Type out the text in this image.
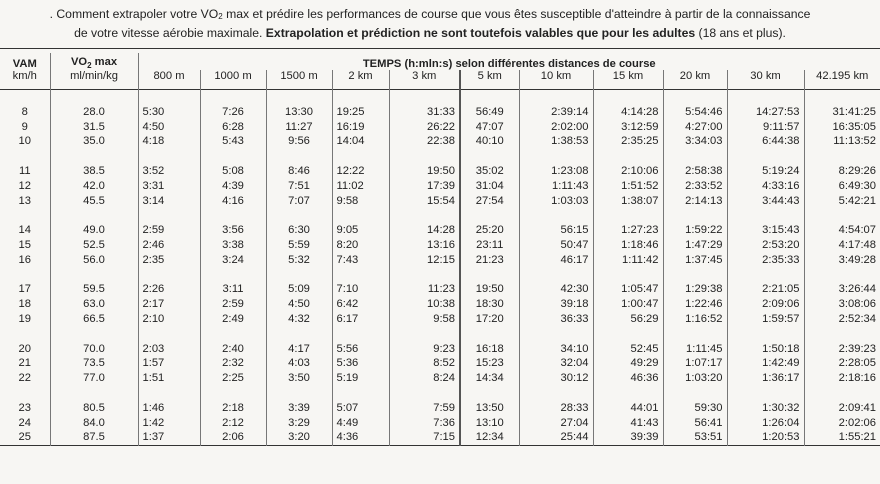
. Comment extrapoler votre $VO_2$ max et prédire les performances de course que vous êtes susceptible d'atteindre à partir de la connaissance
de votre vitesse aérobie maximale. Extrapolation et prédiction ne sont toutefois valables que pour les adultes (18 ans et plus).

VAM	$VO_2$ max	TEMPS (h:mln:s) selon différentes distances de course										
km/h	ml/min/kg	800 m	1000 m	1500 m	2 km	3 km	5 km	10 km	15 km	20 km	30 km	42.195 km

8	28.0	5:30	7:26	13:30	19:25	31:33	56:49	2:39:14	4:14:28	5:54:46	14:27:53	31:41:25
9	31.5	4:50	6:28	11:27	16:19	26:22	47:07	2:02:00	3:12:59	4:27:00	9:11:57	16:35:05
10	35.0	4:18	5:43	9:56	14:04	22:38	40:10	1:38:53	2:35:25	3:34:03	6:44:38	11:13:52

11	38.5	3:52	5:08	8:46	12:22	19:50	35:02	1:23:08	2:10:06	2:58:38	5:19:24	8:29:26
12	42.0	3:31	4:39	7:51	11:02	17:39	31:04	1:11:43	1:51:52	2:33:52	4:33:16	6:49:30
13	45.5	3:14	4:16	7:07	9:58	15:54	27:54	1:03:03	1:38:07	2:14:13	3:44:43	5:42:21

14	49.0	2:59	3:56	6:30	9:05	14:28	25:20	56:15	1:27:23	1:59:22	3:15:43	4:54:07
15	52.5	2:46	3:38	5:59	8:20	13:16	23:11	50:47	1:18:46	1:47:29	2:53:20	4:17:48
16	56.0	2:35	3:24	5:32	7:43	12:15	21:23	46:17	1:11:42	1:37:45	2:35:33	3:49:28

17	59.5	2:26	3:11	5:09	7:10	11:23	19:50	42:30	1:05:47	1:29:38	2:21:05	3:26:44
18	63.0	2:17	2:59	4:50	6:42	10:38	18:30	39:18	1:00:47	1:22:46	2:09:06	3:08:06
19	66.5	2:10	2:49	4:32	6:17	9:58	17:20	36:33	56:29	1:16:52	1:59:57	2:52:34

20	70.0	2:03	2:40	4:17	5:56	9:23	16:18	34:10	52:45	1:11:45	1:50:18	2:39:23
21	73.5	1:57	2:32	4:03	5:36	8:52	15:23	32:04	49:29	1:07:17	1:42:49	2:28:05
22	77.0	1:51	2:25	3:50	5:19	8:24	14:34	30:12	46:36	1:03:20	1:36:17	2:18:16

23	80.5	1:46	2:18	3:39	5:07	7:59	13:50	28:33	44:01	59:30	1:30:32	2:09:41
24	84.0	1:42	2:12	3:29	4:49	7:36	13:10	27:04	41:43	56:41	1:26:04	2:02:06
25	87.5	1:37	2:06	3:20	4:36	7:15	12:34	25:44	39:39	53:51	1:20:53	1:55:21
